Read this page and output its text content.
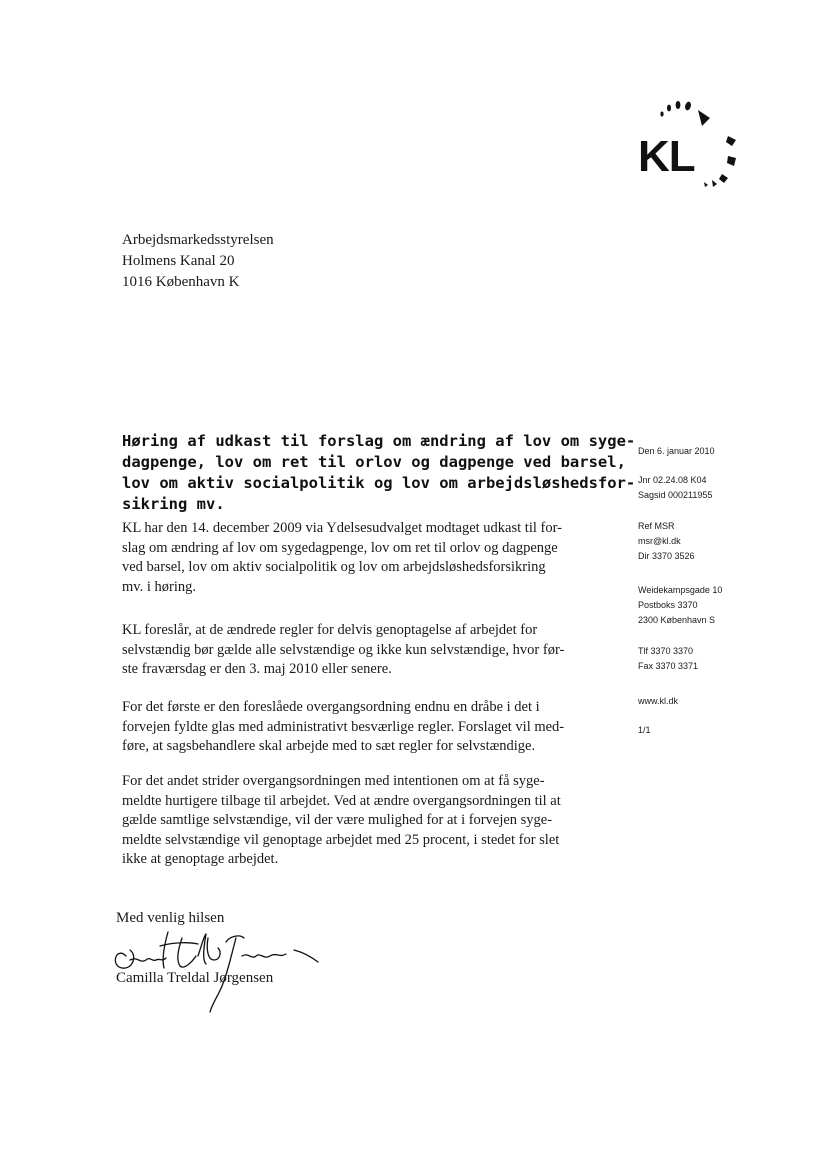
KL
Arbejdsmarkedsstyrelsen
Holmens Kanal 20
1016 København K
Høring af udkast til forslag om ændring af lov om syge-
dagpenge, lov om ret til orlov og dagpenge ved barsel,
lov om aktiv socialpolitik og lov om arbejdsløshedsfor-
sikring mv.
KL har den 14. december 2009 via Ydelsesudvalget modtaget udkast til for-
slag om ændring af lov om sygedagpenge, lov om ret til orlov og dagpenge
ved barsel, lov om aktiv socialpolitik og lov om arbejdsløshedsforsikring
mv. i høring.
KL foreslår, at de ændrede regler for delvis genoptagelse af arbejdet for
selvstændig bør gælde alle selvstændige og ikke kun selvstændige, hvor før-
ste fraværsdag er den 3. maj 2010 eller senere.
For det første er den foreslåede overgangsordning endnu en dråbe i det i
forvejen fyldte glas med administrativt besværlige regler. Forslaget vil med-
føre, at sagsbehandlere skal arbejde med to sæt regler for selvstændige.
For det andet strider overgangsordningen med intentionen om at få syge-
meldte hurtigere tilbage til arbejdet. Ved at ændre overgangsordningen til at
gælde samtlige selvstændige, vil der være mulighed for at i forvejen syge-
meldte selvstændige vil genoptage arbejdet med 25 procent, i stedet for slet
ikke at genoptage arbejdet.
Den 6. januar 2010
Jnr 02.24.08 K04
Sagsid 000211955
Ref MSR
msr@kl.dk
Dir 3370 3526
Weidekampsgade 10
Postboks 3370
2300 København S
Tlf 3370 3370
Fax 3370 3371
www.kl.dk
1/1
Med venlig hilsen
Camilla Treldal Jørgensen
